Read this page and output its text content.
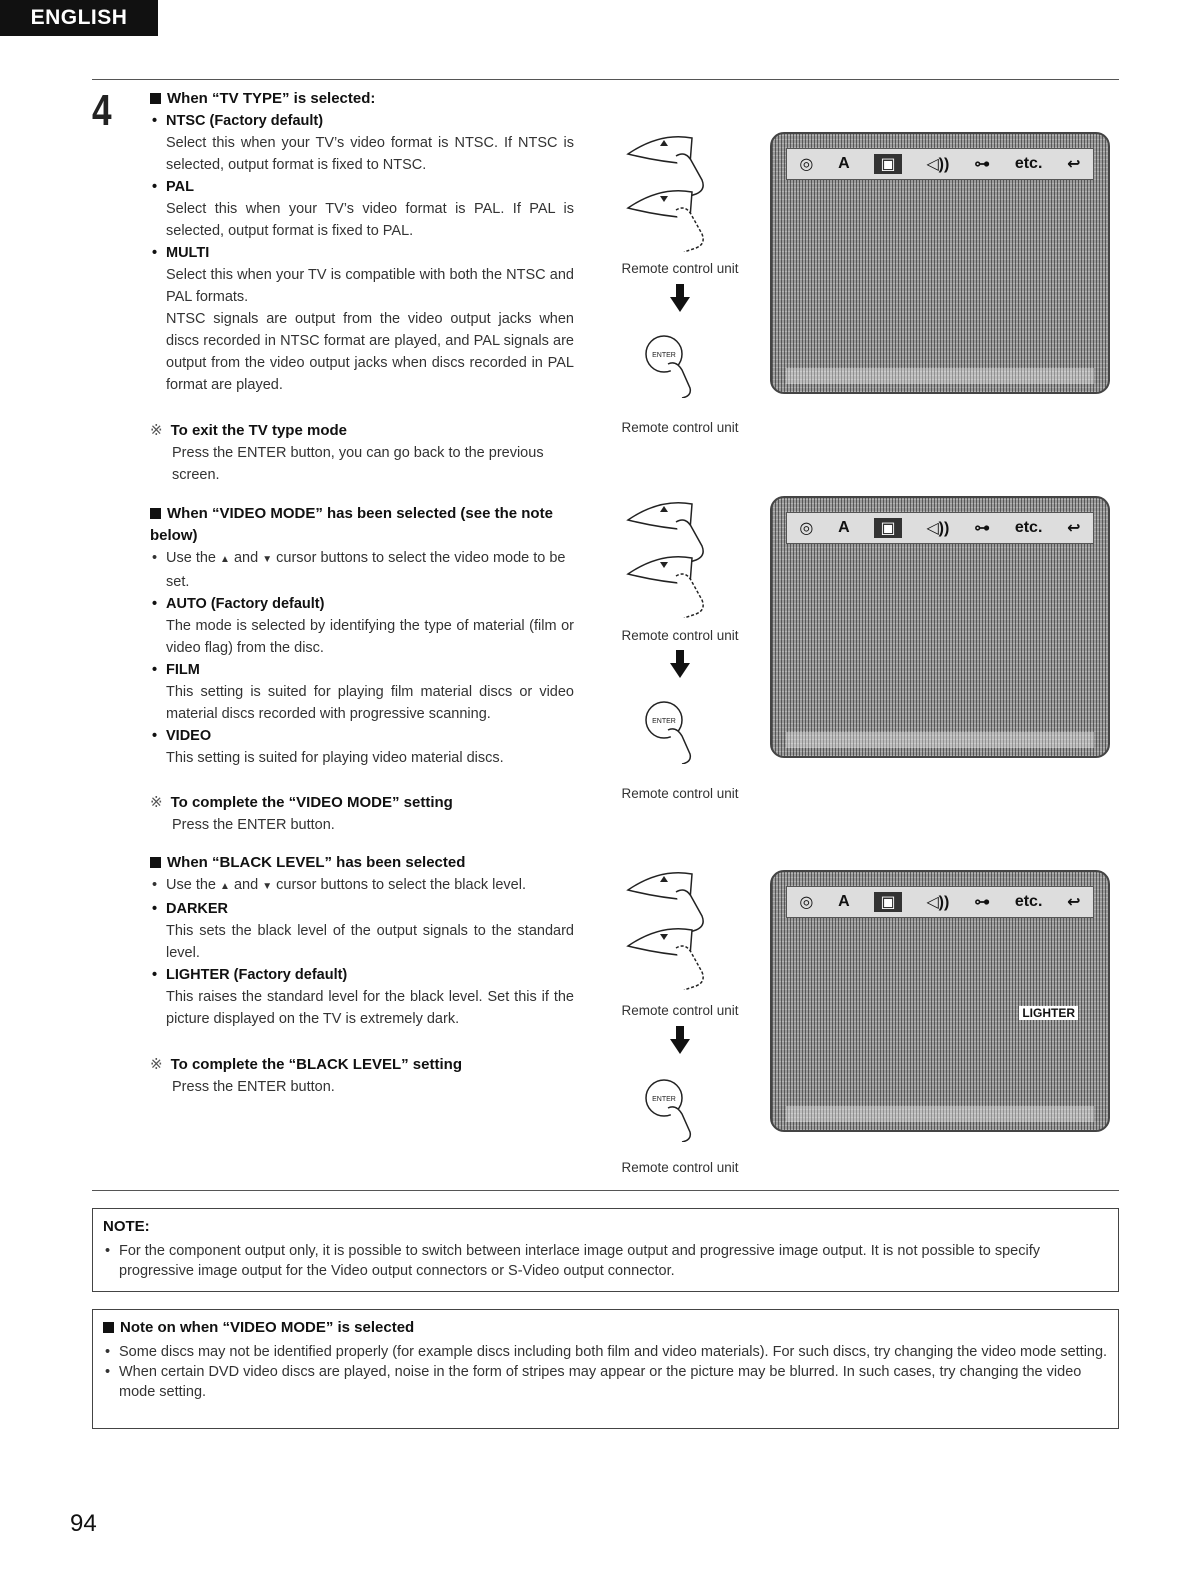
ENGLISH
4	When “TV TYPE” is selected:
• NTSC (Factory default)
Select this when your TV’s video format is NTSC. If NTSC is selected, output format is fixed to NTSC.
• PAL
Select this when your TV’s video format is PAL. If PAL is selected, output format is fixed to PAL.
• MULTI
Select this when your TV is compatible with both the NTSC and PAL formats.
NTSC signals are output from the video output jacks when discs recorded in NTSC format are played, and PAL signals are output from the video output jacks when discs recorded in PAL format are played.
※ To exit the TV type mode
Press the ENTER button, you can go back to the previous screen.
When “VIDEO MODE” has been selected (see the note below)
• Use the ▲ and ▼ cursor buttons to select the video mode to be set.
• AUTO (Factory default)
The mode is selected by identifying the type of material (film or video flag) from the disc.
• FILM
This setting is suited for playing film material discs or video material discs recorded with progressive scanning.
• VIDEO
This setting is suited for playing video material discs.
※ To complete the “VIDEO MODE” setting
Press the ENTER button.
When “BLACK LEVEL” has been selected
• Use the ▲ and ▼ cursor buttons to select the black level.
• DARKER
This sets the black level of the output signals to the standard level.
• LIGHTER (Factory default)
This raises the standard level for the black level. Set this if the picture displayed on the TV is extremely dark.
※ To complete the “BLACK LEVEL” setting
Press the ENTER button.
Remote control unit
ENTER
Remote control unit
Remote control unit
ENTER
Remote control unit
Remote control unit
ENTER
Remote control unit
◎ A	▣	◁)) ⊶ etc. ↩
◎ A	▣	◁)) ⊶ etc. ↩
◎ A	▣	◁)) ⊶ etc. ↩
LIGHTER
NOTE:
• For the component output only, it is possible to switch between interlace image output and progressive image output. It is not possible to specify progressive image output for the Video output connectors or S-Video output connector.
Note on when “VIDEO MODE” is selected
• Some discs may not be identified properly (for example discs including both film and video materials). For such discs, try changing the video mode setting.
• When certain DVD video discs are played, noise in the form of stripes may appear or the picture may be blurred. In such cases, try changing the video mode setting.
94
